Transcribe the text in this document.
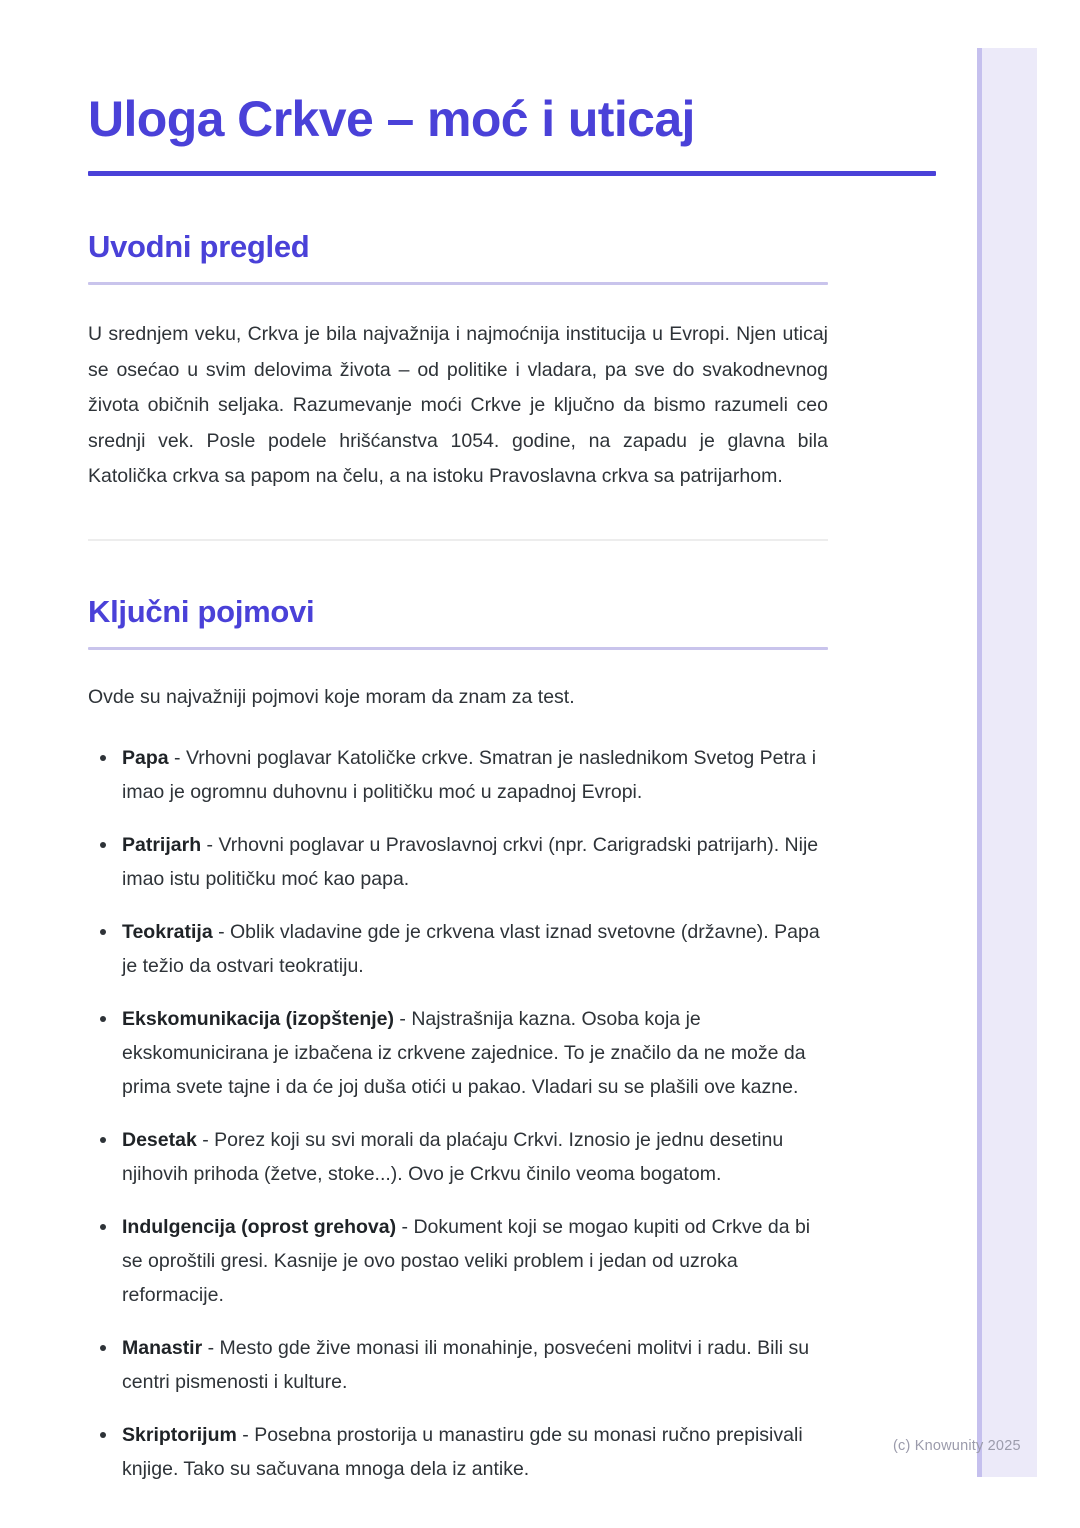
Uloga Crkve – moć i uticaj
Uvodni pregled

U srednjem veku, Crkva je bila najvažnija i najmoćnija institucija u Evropi. Njen uticaj se osećao u svim delovima života – od politike i vladara, pa sve do svakodnevnog života običnih seljaka. Razumevanje moći Crkve je ključno da bismo razumeli ceo srednji vek. Posle podele hrišćanstva 1054. godine, na zapadu je glavna bila Katolička crkva sa papom na čelu, a na istoku Pravoslavna crkva sa patrijarhom.

Ključni pojmovi

Ovde su najvažniji pojmovi koje moram da znam za test.

Papa - Vrhovni poglavar Katoličke crkve. Smatran je naslednikom Svetog Petra i imao je ogromnu duhovnu i političku moć u zapadnoj Evropi.
Patrijarh - Vrhovni poglavar u Pravoslavnoj crkvi (npr. Carigradski patrijarh). Nije imao istu političku moć kao papa.
Teokratija - Oblik vladavine gde je crkvena vlast iznad svetovne (državne). Papa je težio da ostvari teokratiju.
Ekskomunikacija (izopštenje) - Najstrašnija kazna. Osoba koja je ekskomunicirana je izbačena iz crkvene zajednice. To je značilo da ne može da prima svete tajne i da će joj duša otići u pakao. Vladari su se plašili ove kazne.
Desetak - Porez koji su svi morali da plaćaju Crkvi. Iznosio je jednu desetinu njihovih prihoda (žetve, stoke...). Ovo je Crkvu činilo veoma bogatom.
Indulgencija (oprost grehova) - Dokument koji se mogao kupiti od Crkve da bi se oproštili gresi. Kasnije je ovo postao veliki problem i jedan od uzroka reformacije.
Manastir - Mesto gde žive monasi ili monahinje, posvećeni molitvi i radu. Bili su centri pismenosti i kulture.
Skriptorijum - Posebna prostorija u manastiru gde su monasi ručno prepisivali knjige. Tako su sačuvana mnoga dela iz antike.
(c) Knowunity 2025
